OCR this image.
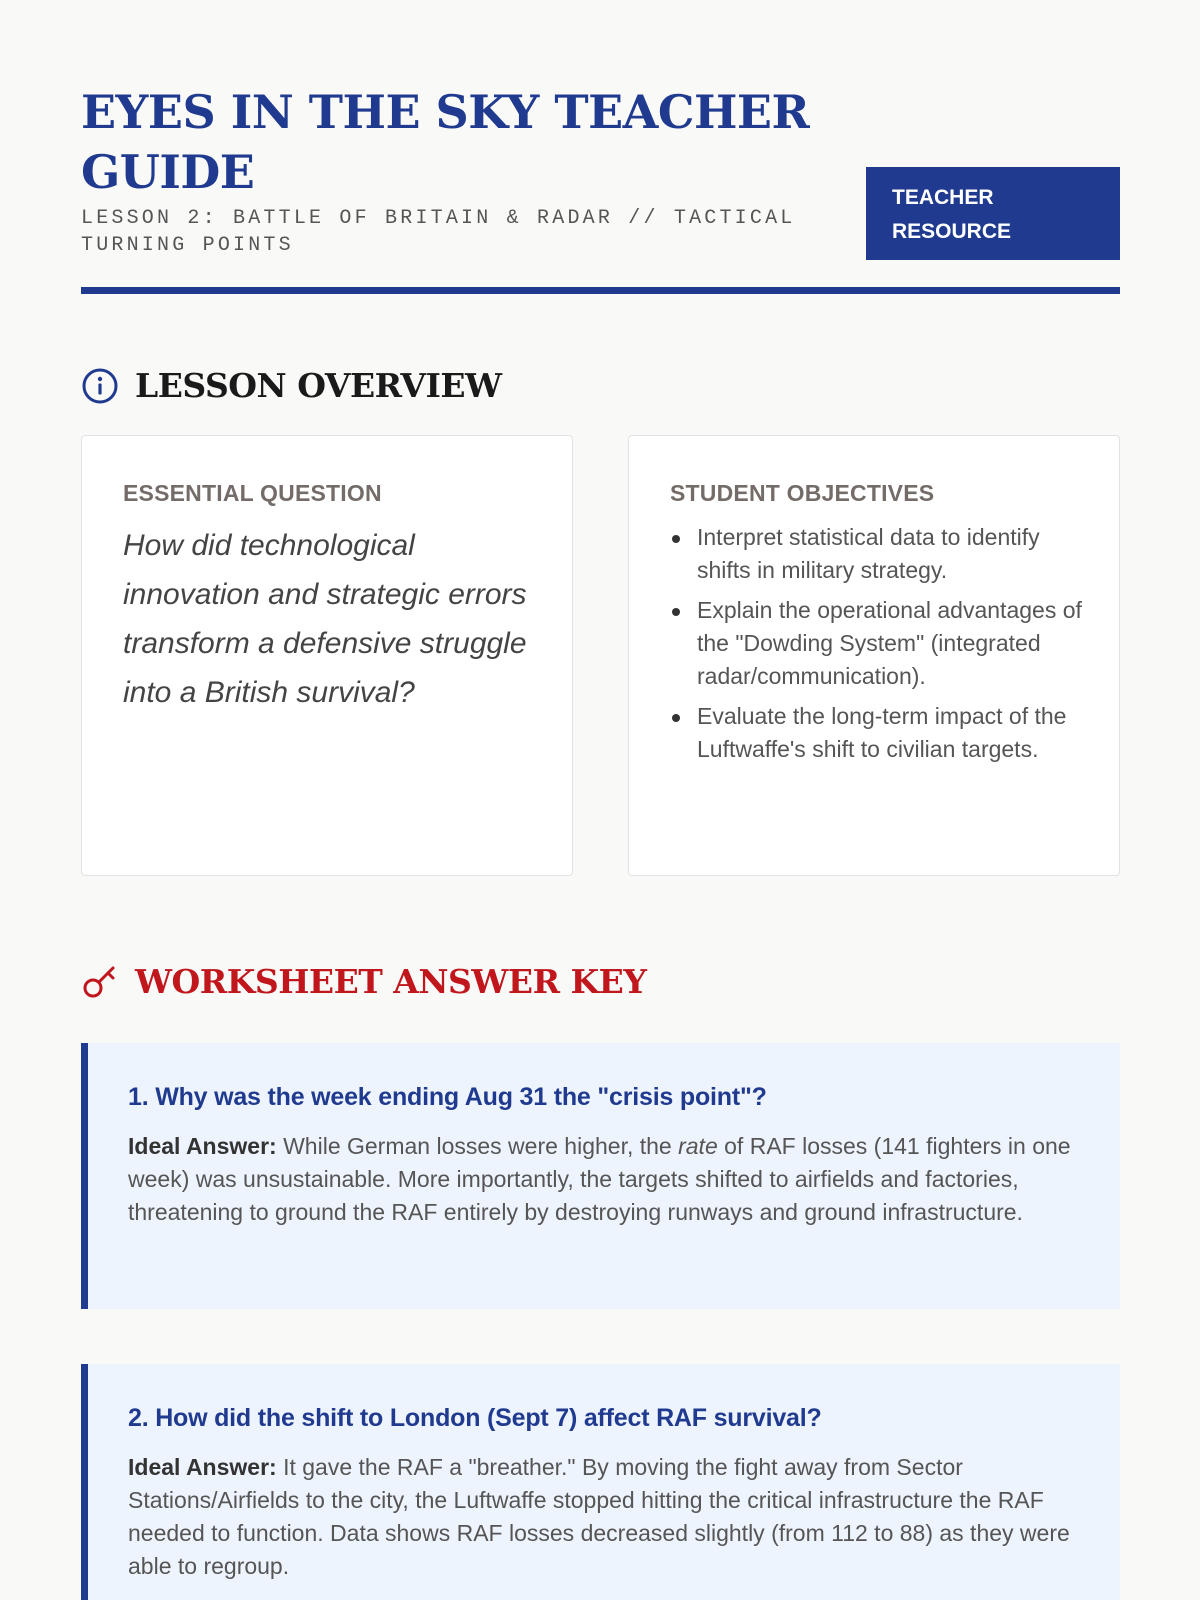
EYES IN THE SKY TEACHER GUIDE
LESSON 2: BATTLE OF BRITAIN & RADAR // TACTICAL TURNING POINTS
TEACHER RESOURCE
LESSON OVERVIEW
ESSENTIAL QUESTION
How did technological innovation and strategic errors transform a defensive struggle into a British survival?
STUDENT OBJECTIVES
Interpret statistical data to identify shifts in military strategy.
Explain the operational advantages of the "Dowding System" (integrated radar/communication).
Evaluate the long-term impact of the Luftwaffe's shift to civilian targets.
WORKSHEET ANSWER KEY
1. Why was the week ending Aug 31 the "crisis point"?

Ideal Answer: While German losses were higher, the rate of RAF losses (141 fighters in one week) was unsustainable. More importantly, the targets shifted to airfields and factories, threatening to ground the RAF entirely by destroying runways and ground infrastructure.

2. How did the shift to London (Sept 7) affect RAF survival?

Ideal Answer: It gave the RAF a "breather." By moving the fight away from Sector Stations/Airfields to the city, the Luftwaffe stopped hitting the critical infrastructure the RAF needed to function. Data shows RAF losses decreased slightly (from 112 to 88) as they were able to regroup.
